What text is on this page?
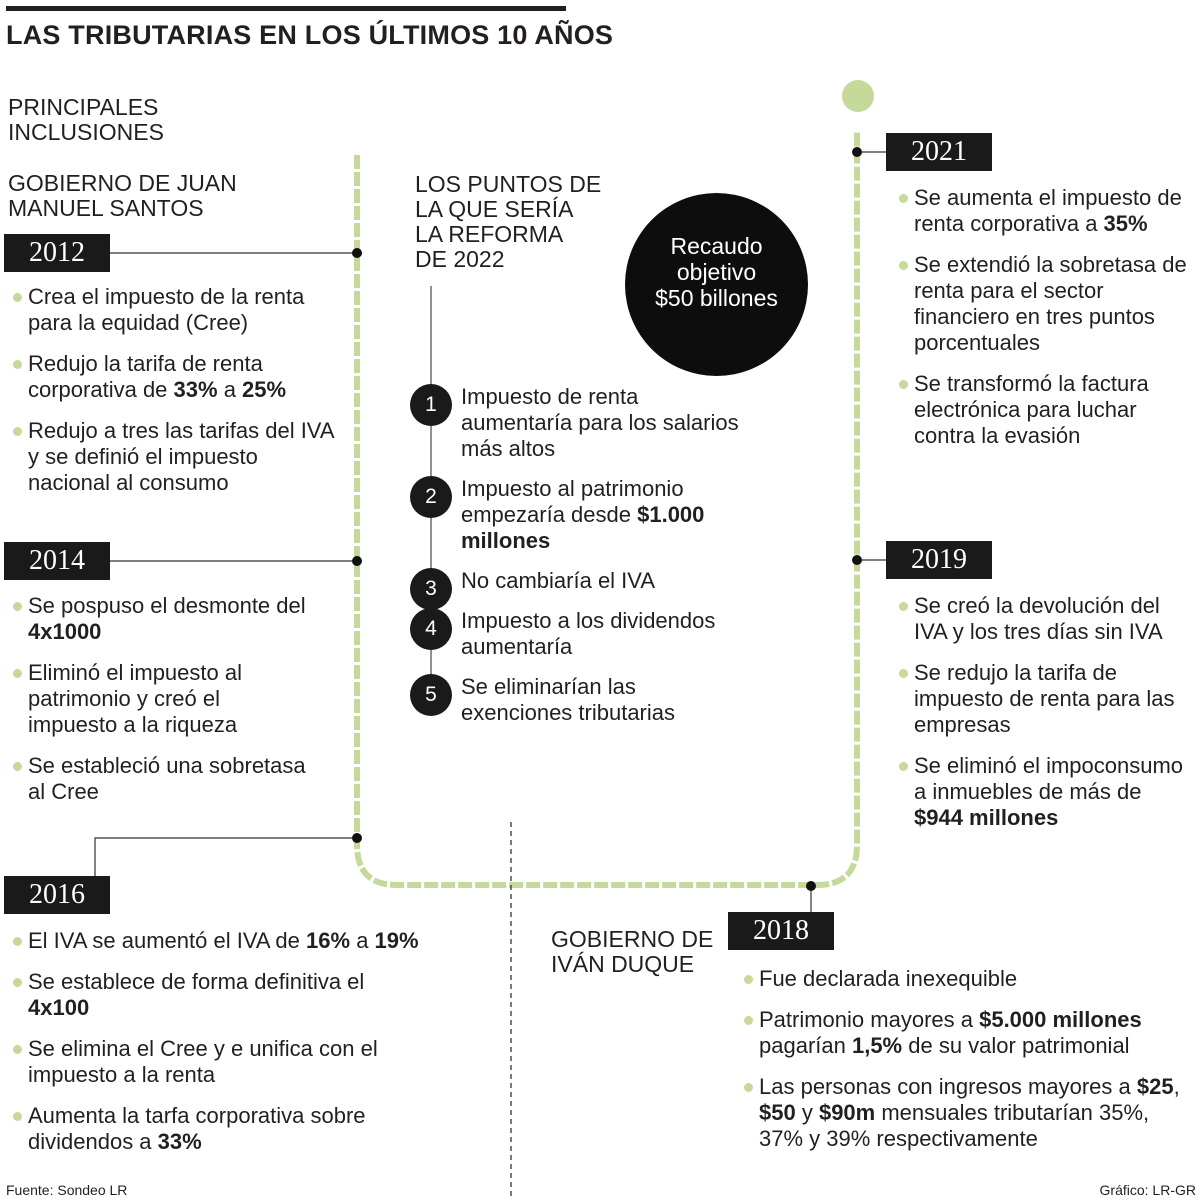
LAS TRIBUTARIAS EN LOS ÚLTIMOS 10 AÑOS
PRINCIPALES
INCLUSIONES
GOBIERNO DE JUAN
MANUEL SANTOS
LOS PUNTOS DE
LA QUE SERÍA
LA REFORMA
DE 2022	Recaudo
objetivo
$50 billones
1	Impuesto de renta aumentaría para los salarios más altos
2	Impuesto al patrimonio empezaría desde $1.000 millones
3	No cambiaría el IVA
4	Impuesto a los dividendos aumentaría
5	Se eliminarían las exenciones tributarias
2012
Crea el impuesto de la renta para la equidad (Cree)
Redujo la tarifa de renta corporativa de 33% a 25%
Redujo a tres las tarifas del IVA y se definió el impuesto nacional al consumo
2014
Se pospuso el desmonte del 4x1000
Eliminó el impuesto al patrimonio y creó el impuesto a la riqueza
Se estableció una sobretasa al Cree
2016
El IVA se aumentó el IVA de 16% a 19%
Se establece de forma definitiva el 4x100
Se elimina el Cree y e unifica con el impuesto a la renta
Aumenta la tarfa corporativa sobre dividendos a 33%
GOBIERNO DE
IVÁN DUQUE
2018
Fue declarada inexequible
Patrimonio mayores a $5.000 millones pagarían 1,5% de su valor patrimonial
Las personas con ingresos mayores a $25, $50 y $90m mensuales tributarían 35%, 37% y 39% respectivamente
2021
Se aumenta el impuesto de renta corporativa a 35%
Se extendió la sobretasa de renta para el sector financiero en tres puntos porcentuales
Se transformó la factura electrónica para luchar contra la evasión
2019
Se creó la devolución del IVA y los tres días sin IVA
Se redujo la tarifa de impuesto de renta para las empresas
Se eliminó el impoconsumo a inmuebles de más de $944 millones
Fuente: Sondeo LR	Gráfico: LR-GR
